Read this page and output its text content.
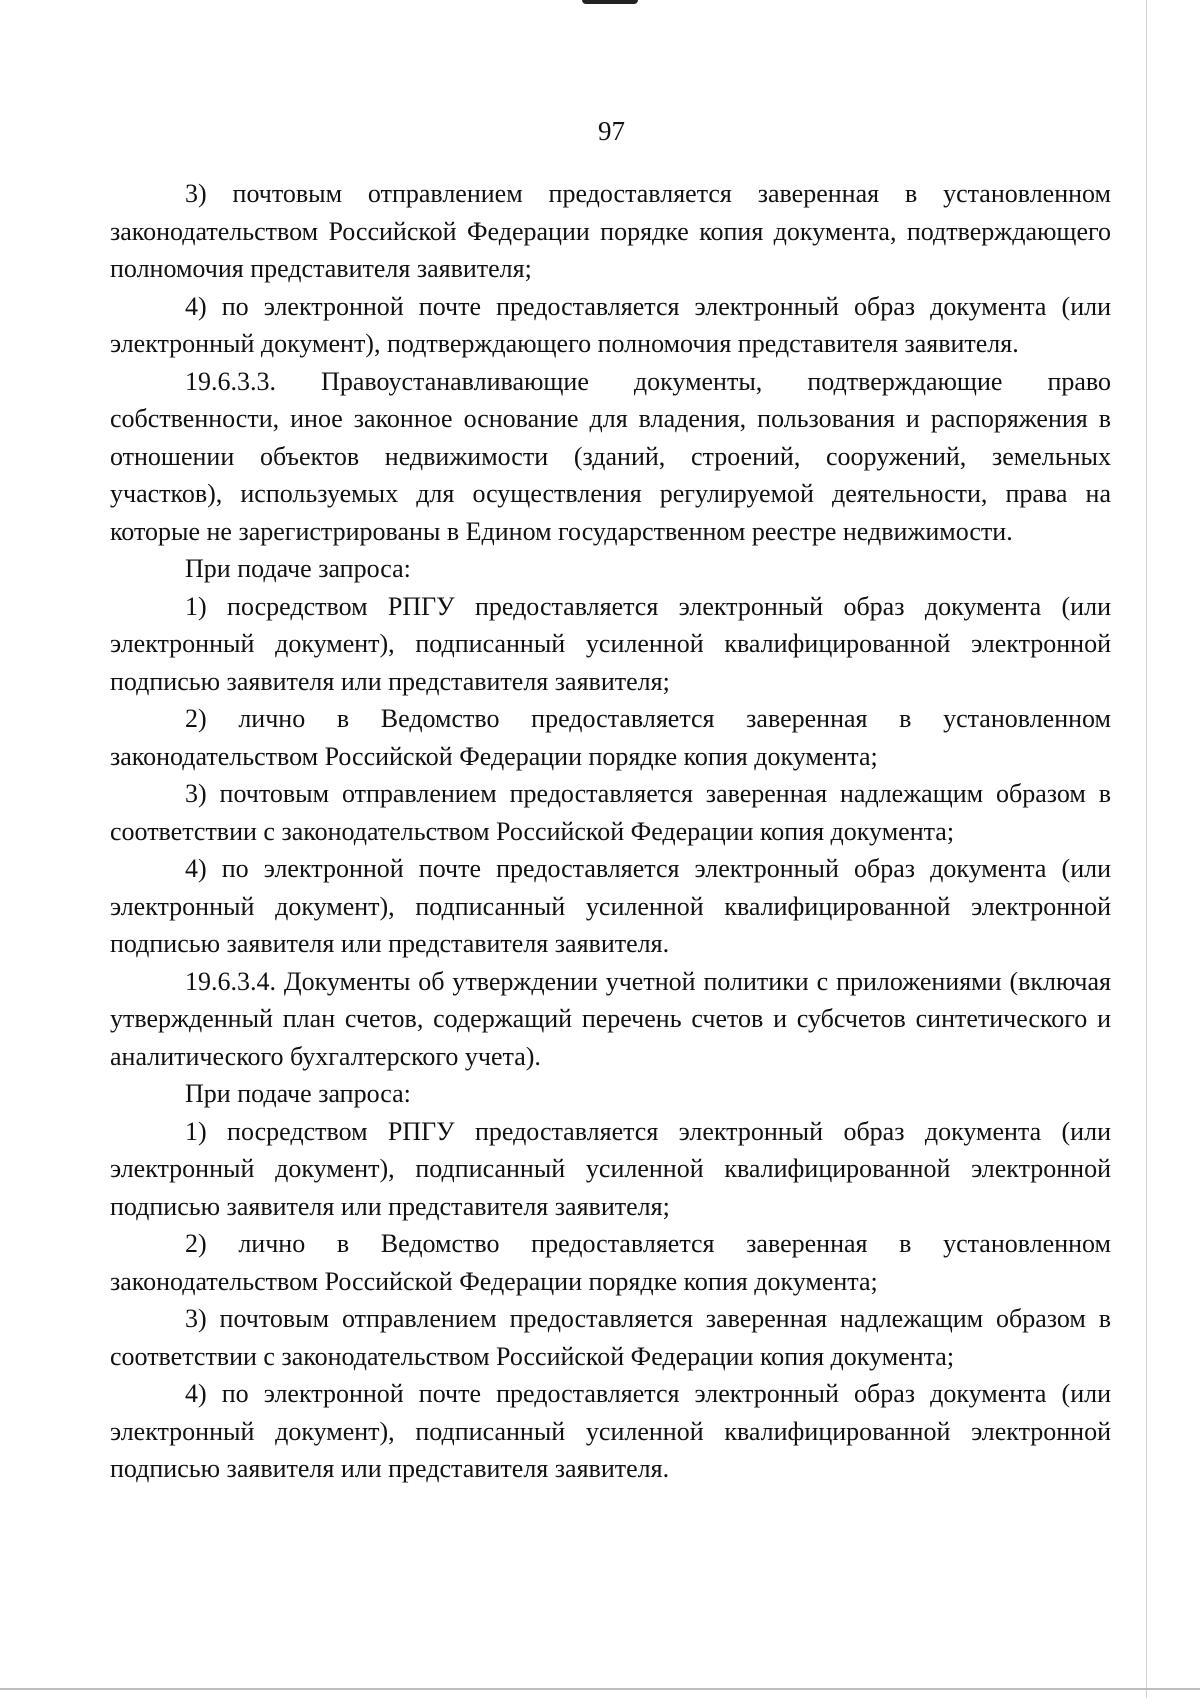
97

3) почтовым отправлением предоставляется заверенная в установленном законодательством Российской Федерации порядке копия документа, подтверждающего полномочия представителя заявителя;

4) по электронной почте предоставляется электронный образ документа (или электронный документ), подтверждающего полномочия представителя заявителя.

19.6.3.3. Правоустанавливающие документы, подтверждающие право собственности, иное законное основание для владения, пользования и распоряжения в отношении объектов недвижимости (зданий, строений, сооружений, земельных участков), используемых для осуществления регулируемой деятельности, права на которые не зарегистрированы в Едином государственном реестре недвижимости.

При подаче запроса:

1) посредством РПГУ предоставляется электронный образ документа (или электронный документ), подписанный усиленной квалифицированной электронной подписью заявителя или представителя заявителя;

2) лично в Ведомство предоставляется заверенная в установленном законодательством Российской Федерации порядке копия документа;

3) почтовым отправлением предоставляется заверенная надлежащим образом в соответствии с законодательством Российской Федерации копия документа;

4) по электронной почте предоставляется электронный образ документа (или электронный документ), подписанный усиленной квалифицированной электронной подписью заявителя или представителя заявителя.

19.6.3.4. Документы об утверждении учетной политики с приложениями (включая утвержденный план счетов, содержащий перечень счетов и субсчетов синтетического и аналитического бухгалтерского учета).

При подаче запроса:

1) посредством РПГУ предоставляется электронный образ документа (или электронный документ), подписанный усиленной квалифицированной электронной подписью заявителя или представителя заявителя;

2) лично в Ведомство предоставляется заверенная в установленном законодательством Российской Федерации порядке копия документа;

3) почтовым отправлением предоставляется заверенная надлежащим образом в соответствии с законодательством Российской Федерации копия документа;

4) по электронной почте предоставляется электронный образ документа (или электронный документ), подписанный усиленной квалифицированной электронной подписью заявителя или представителя заявителя.
